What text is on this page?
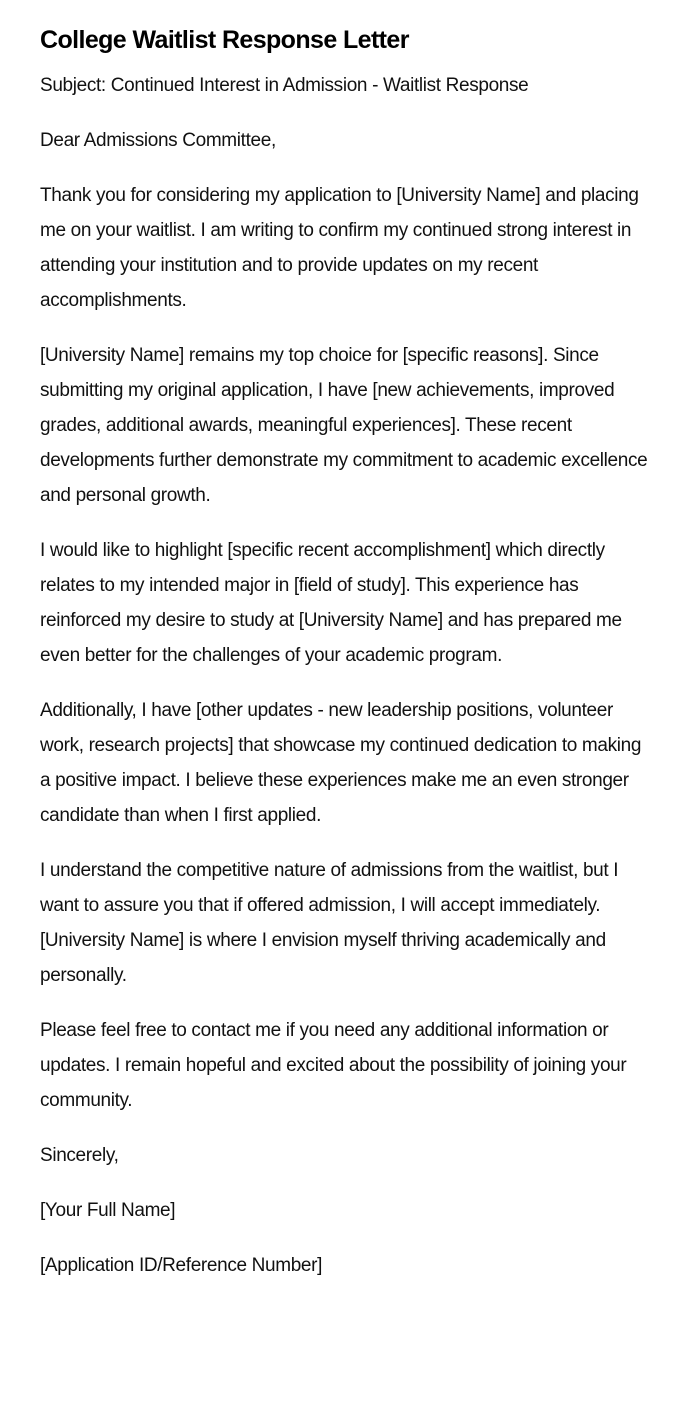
College Waitlist Response Letter

Subject: Continued Interest in Admission - Waitlist Response

Dear Admissions Committee,

Thank you for considering my application to [University Name] and placing me on your waitlist. I am writing to confirm my continued strong interest in attending your institution and to provide updates on my recent accomplishments.

[University Name] remains my top choice for [specific reasons]. Since submitting my original application, I have [new achievements, improved grades, additional awards, meaningful experiences]. These recent developments further demonstrate my commitment to academic excellence and personal growth.

I would like to highlight [specific recent accomplishment] which directly relates to my intended major in [field of study]. This experience has reinforced my desire to study at [University Name] and has prepared me even better for the challenges of your academic program.

Additionally, I have [other updates - new leadership positions, volunteer work, research projects] that showcase my continued dedication to making a positive impact. I believe these experiences make me an even stronger candidate than when I first applied.

I understand the competitive nature of admissions from the waitlist, but I want to assure you that if offered admission, I will accept immediately. [University Name] is where I envision myself thriving academically and personally.

Please feel free to contact me if you need any additional information or updates. I remain hopeful and excited about the possibility of joining your community.

Sincerely,

[Your Full Name]

[Application ID/Reference Number]
